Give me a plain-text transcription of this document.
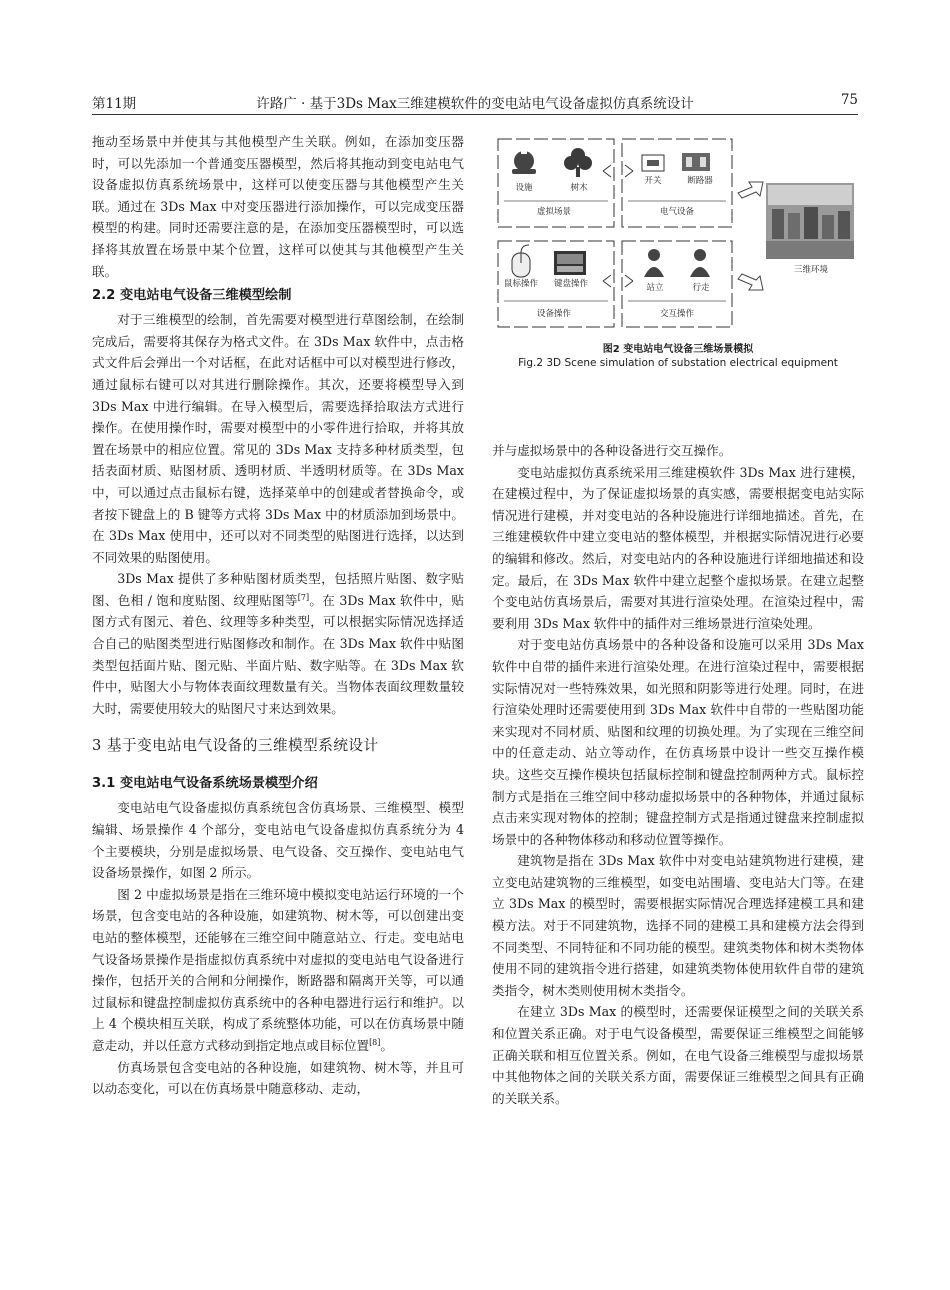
第11期	许路广 · 基于3Ds Max三维建模软件的变电站电气设备虚拟仿真系统设计	75

拖动至场景中并使其与其他模型产生关联。例如，在添加变压器时，可以先添加一个普通变压器模型，然后将其拖动到变电站电气设备虚拟仿真系统场景中，这样可以使变压器与其他模型产生关联。通过在 3Ds Max 中对变压器进行添加操作，可以完成变压器模型的构建。同时还需要注意的是，在添加变压器模型时，可以选择将其放置在场景中某个位置，这样可以使其与其他模型产生关联。

2.2 变电站电气设备三维模型绘制

对于三维模型的绘制，首先需要对模型进行草图绘制，在绘制完成后，需要将其保存为格式文件。在 3Ds Max 软件中，点击格式文件后会弹出一个对话框，在此对话框中可以对模型进行修改，通过鼠标右键可以对其进行删除操作。其次，还要将模型导入到 3Ds Max 中进行编辑。在导入模型后，需要选择拾取法方式进行操作。在使用操作时，需要对模型中的小零件进行拾取，并将其放置在场景中的相应位置。常见的 3Ds Max 支持多种材质类型，包括表面材质、贴图材质、透明材质、半透明材质等。在 3Ds Max 中，可以通过点击鼠标右键，选择菜单中的创建或者替换命令，或者按下键盘上的 B 键等方式将 3Ds Max 中的材质添加到场景中。在 3Ds Max 使用中，还可以对不同类型的贴图进行选择，以达到不同效果的贴图使用。

3Ds Max 提供了多种贴图材质类型，包括照片贴图、数字贴图、色相 / 饱和度贴图、纹理贴图等[7]。在 3Ds Max 软件中，贴图方式有图元、着色、纹理等多种类型，可以根据实际情况选择适合自己的贴图类型进行贴图修改和制作。在 3Ds Max 软件中贴图类型包括面片贴、图元贴、半面片贴、数字贴等。在 3Ds Max 软件中，贴图大小与物体表面纹理数量有关。当物体表面纹理数量较大时，需要使用较大的贴图尺寸来达到效果。

3 基于变电站电气设备的三维模型系统设计
3.1 变电站电气设备系统场景模型介绍

变电站电气设备虚拟仿真系统包含仿真场景、三维模型、模型编辑、场景操作 4 个部分，变电站电气设备虚拟仿真系统分为 4 个主要模块，分别是虚拟场景、电气设备、交互操作、变电站电气设备场景操作，如图 2 所示。

图 2 中虚拟场景是指在三维环境中模拟变电站运行环境的一个场景，包含变电站的各种设施，如建筑物、树木等，可以创建出变电站的整体模型，还能够在三维空间中随意站立、行走。变电站电气设备场景操作是指虚拟仿真系统中对虚拟的变电站电气设备进行操作，包括开关的合闸和分闸操作，断路器和隔离开关等，可以通过鼠标和键盘控制虚拟仿真系统中的各种电器进行运行和维护。以上 4 个模块相互关联，构成了系统整体功能，可以在仿真场景中随意走动，并以任意方式移动到指定地点或目标位置[8]。

仿真场景包含变电站的各种设施，如建筑物、树木等，并且可以动态变化，可以在仿真场景中随意移动、走动，

设施	树木
开关	断路器
虚拟场景	电气设备
鼠标操作 键盘操作	站立	行走
设备操作	交互操作
三维环境
图2 变电站电气设备三维场景模拟
Fig.2 3D Scene simulation of substation electrical equipment

并与虚拟场景中的各种设备进行交互操作。

变电站虚拟仿真系统采用三维建模软件 3Ds Max 进行建模，在建模过程中，为了保证虚拟场景的真实感，需要根据变电站实际情况进行建模，并对变电站的各种设施进行详细地描述。首先，在三维建模软件中建立变电站的整体模型，并根据实际情况进行必要的编辑和修改。然后，对变电站内的各种设施进行详细地描述和设定。最后，在 3Ds Max 软件中建立起整个虚拟场景。在建立起整个变电站仿真场景后，需要对其进行渲染处理。在渲染过程中，需要利用 3Ds Max 软件中的插件对三维场景进行渲染处理。

对于变电站仿真场景中的各种设备和设施可以采用 3Ds Max 软件中自带的插件来进行渲染处理。在进行渲染过程中，需要根据实际情况对一些特殊效果，如光照和阴影等进行处理。同时，在进行渲染处理时还需要使用到 3Ds Max 软件中自带的一些贴图功能来实现对不同材质、贴图和纹理的切换处理。为了实现在三维空间中的任意走动、站立等动作，在仿真场景中设计一些交互操作模块。这些交互操作模块包括鼠标控制和键盘控制两种方式。鼠标控制方式是指在三维空间中移动虚拟场景中的各种物体，并通过鼠标点击来实现对物体的控制；键盘控制方式是指通过键盘来控制虚拟场景中的各种物体移动和移动位置等操作。

建筑物是指在 3Ds Max 软件中对变电站建筑物进行建模，建立变电站建筑物的三维模型，如变电站围墙、变电站大门等。在建立 3Ds Max 的模型时，需要根据实际情况合理选择建模工具和建模方法。对于不同建筑物，选择不同的建模工具和建模方法会得到不同类型、不同特征和不同功能的模型。建筑类物体和树木类物体使用不同的建筑指令进行搭建，如建筑类物体使用软件自带的建筑类指令，树木类则使用树木类指令。

在建立 3Ds Max 的模型时，还需要保证模型之间的关联关系和位置关系正确。对于电气设备模型，需要保证三维模型之间能够正确关联和相互位置关系。例如，在电气设备三维模型与虚拟场景中其他物体之间的关联关系方面，需要保证三维模型之间具有正确的关联关系。
